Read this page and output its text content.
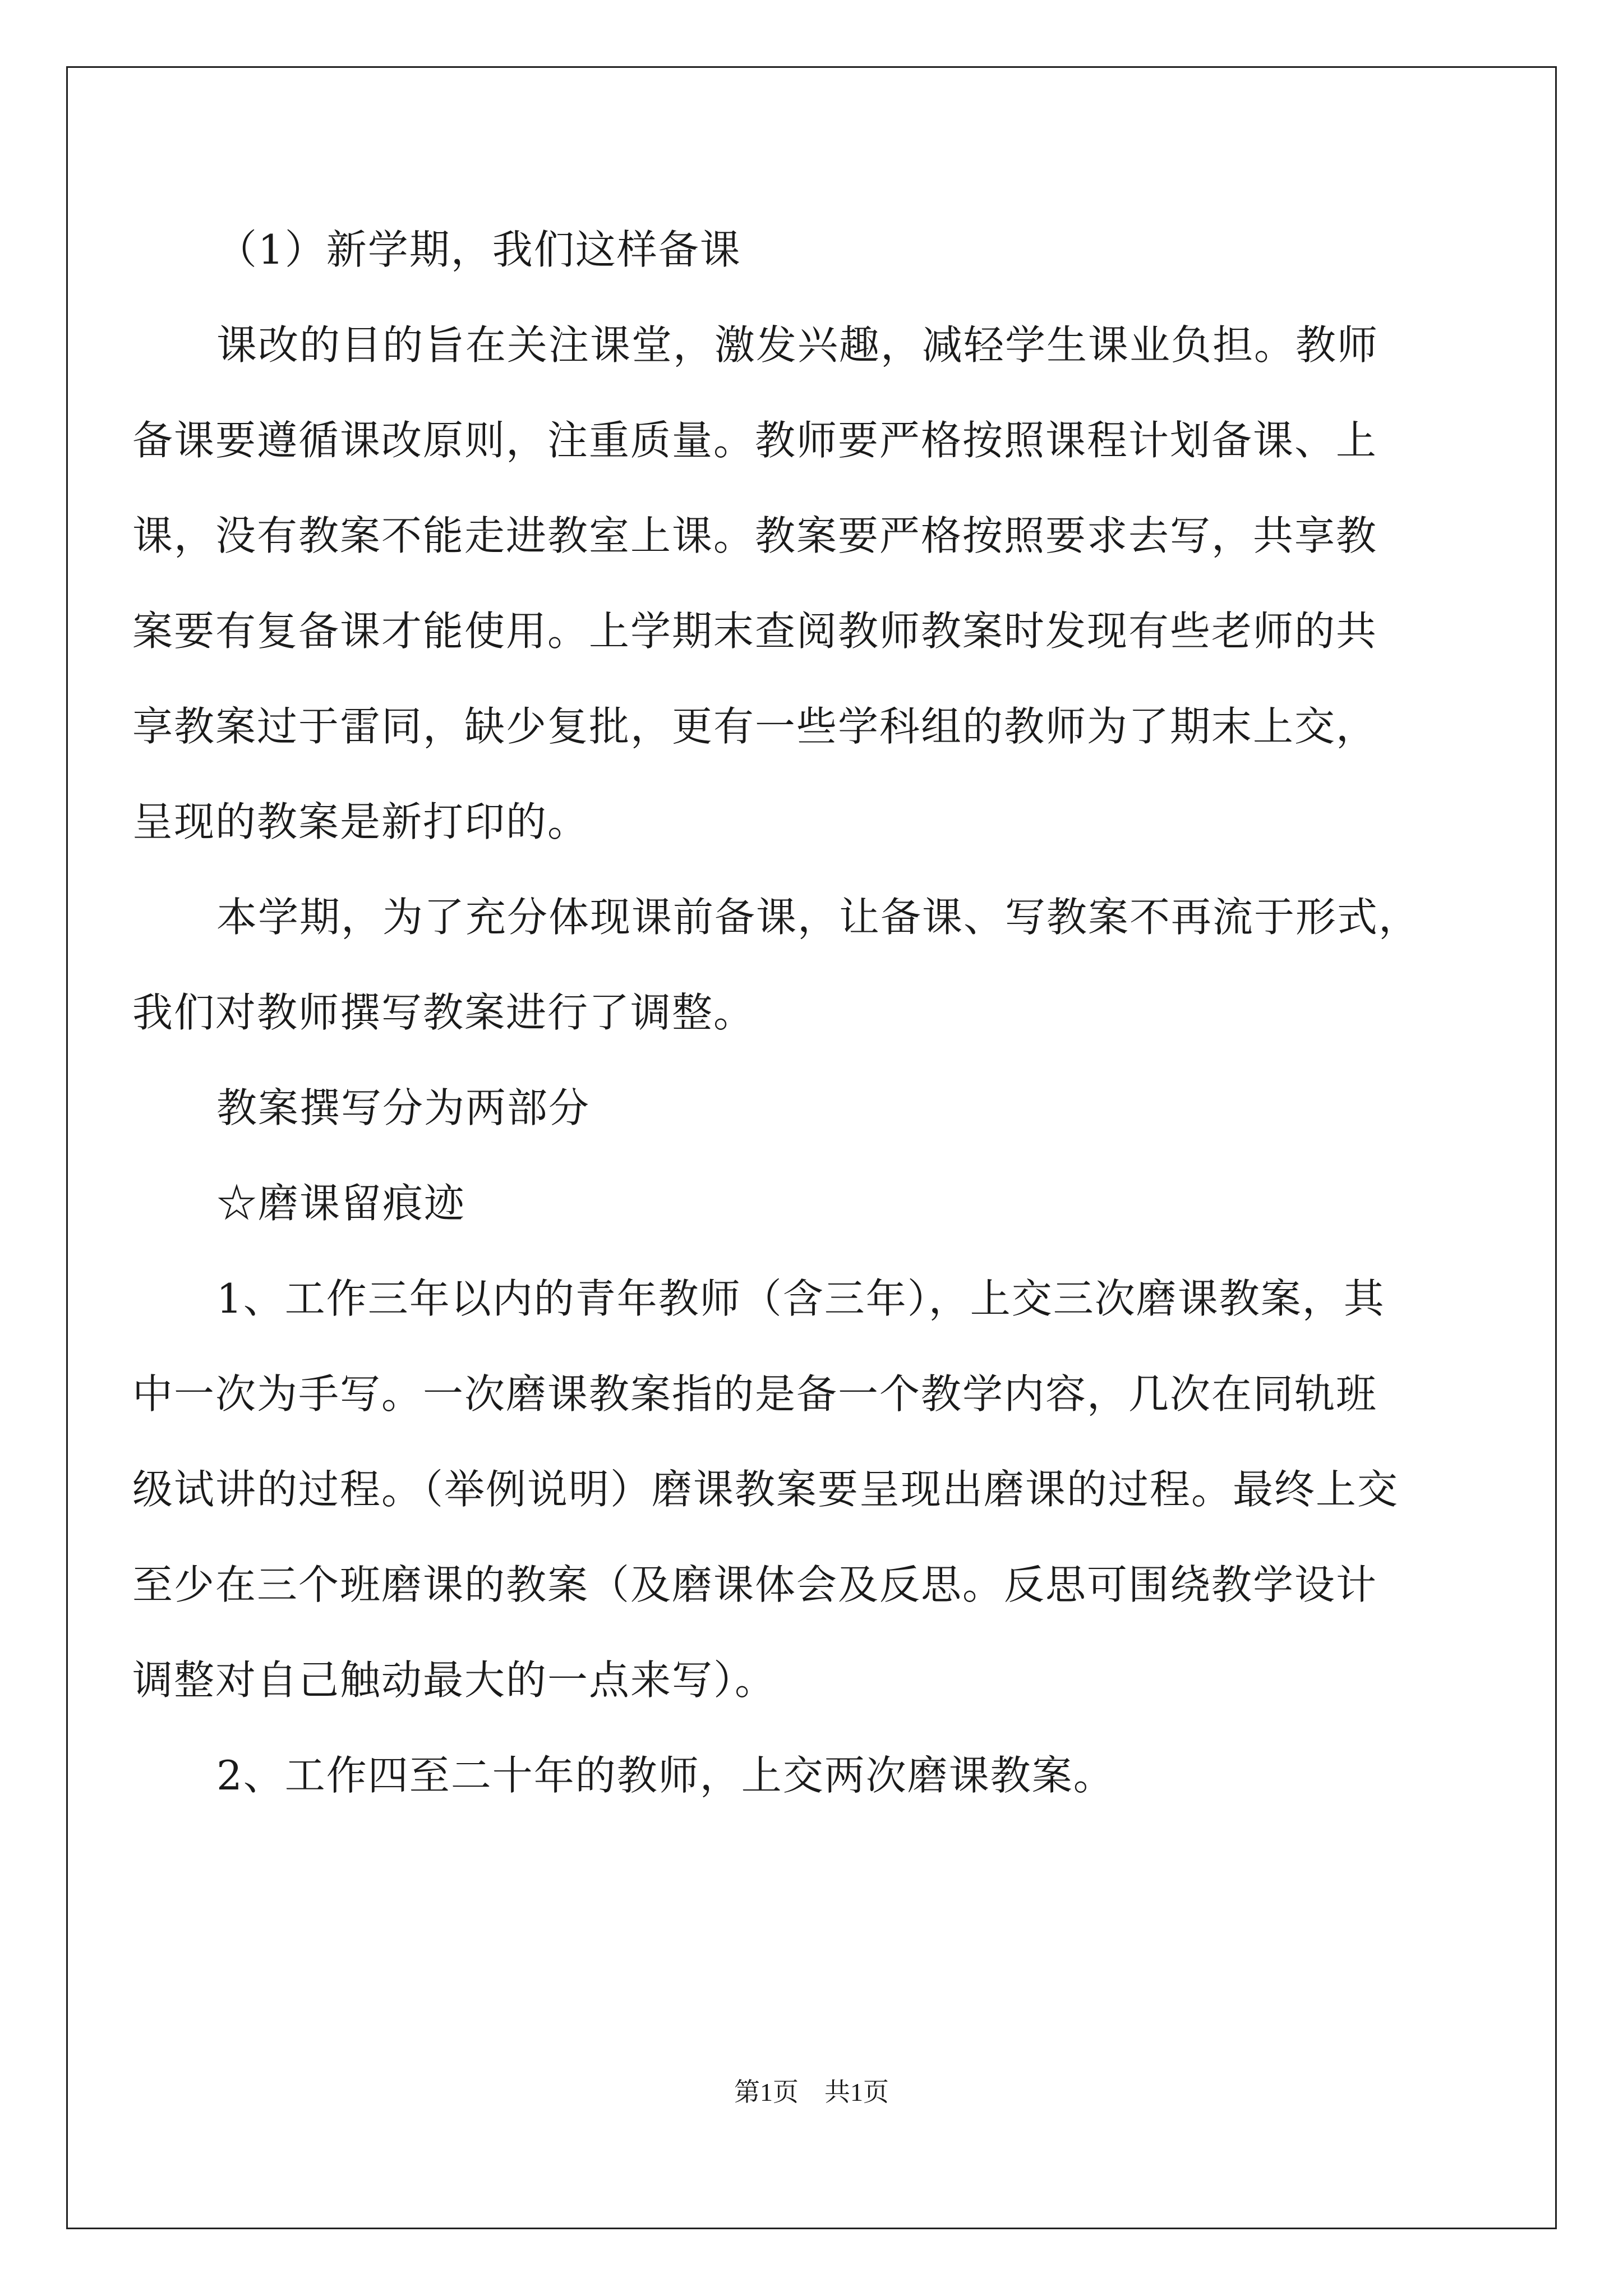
（1）新学期，我们这样备课
课改的目的旨在关注课堂，激发兴趣，减轻学生课业负担。教师
备课要遵循课改原则，注重质量。教师要严格按照课程计划备课、上
课，没有教案不能走进教室上课。教案要严格按照要求去写，共享教
案要有复备课才能使用。上学期末查阅教师教案时发现有些老师的共
享教案过于雷同，缺少复批，更有一些学科组的教师为了期末上交，
呈现的教案是新打印的。
本学期，为了充分体现课前备课，让备课、写教案不再流于形式，
我们对教师撰写教案进行了调整。
教案撰写分为两部分
☆磨课留痕迹
1、工作三年以内的青年教师（含三年），上交三次磨课教案，其
中一次为手写。一次磨课教案指的是备一个教学内容，几次在同轨班
级试讲的过程。（举例说明）磨课教案要呈现出磨课的过程。最终上交
至少在三个班磨课的教案（及磨课体会及反思。反思可围绕教学设计
调整对自己触动最大的一点来写）。
2、工作四至二十年的教师，上交两次磨课教案。
第1页　共1页
